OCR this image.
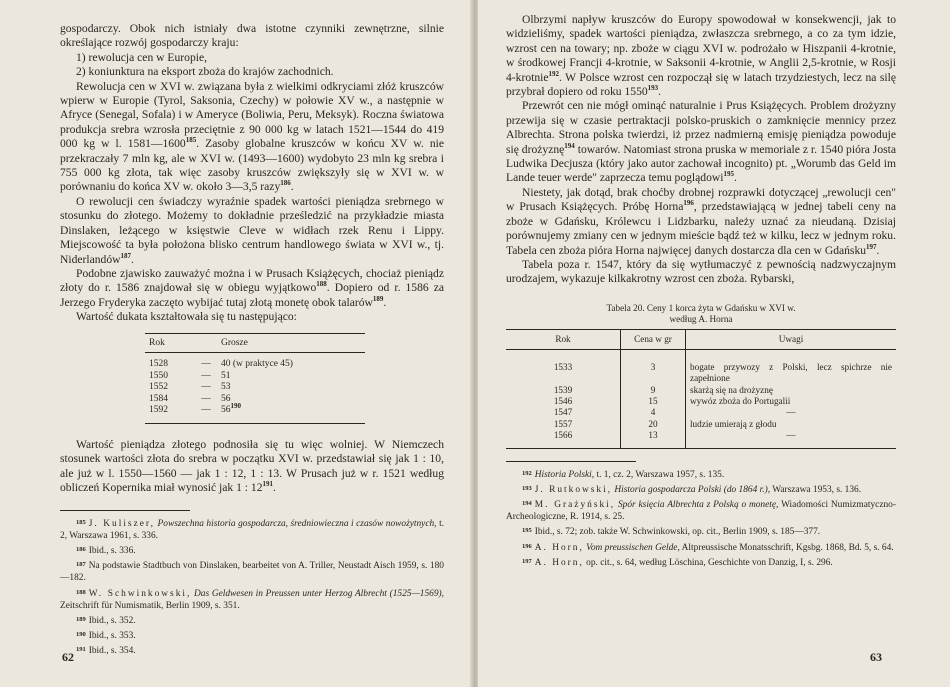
gospodarczy. Obok nich istniały dwa istotne czynniki zewnętrzne, silnie określające rozwój gospodarczy kraju:

1) rewolucja cen w Europie,

2) koniunktura na eksport zboża do krajów zachodnich.

Rewolucja cen w XVI w. związana była z wielkimi odkryciami złóż kruszców wpierw w Europie (Tyrol, Saksonia, Czechy) w połowie XV w., a następnie w Afryce (Senegal, Sofala) i w Ameryce (Boliwia, Peru, Meksyk). Roczna światowa produkcja srebra wzrosła przeciętnie z 90 000 kg w latach 1521—1544 do 419 000 kg w l. 1581—1600$^{185}$. Zasoby globalne kruszców w końcu XV w. nie przekraczały 7 mln kg, ale w XVI w. (1493—1600) wydobyto 23 mln kg srebra i 755 000 kg złota, tak więc zasoby kruszców zwiększyły się w XVI w. w porównaniu do końca XV w. około 3—3,5 razy$^{186}$.

O rewolucji cen świadczy wyraźnie spadek wartości pieniądza srebrnego w stosunku do złotego. Możemy to dokładnie prześledzić na przykładzie miasta Dinslaken, leżącego w księstwie Cleve w widłach rzek Renu i Lippy. Miejscowość ta była położona blisko centrum handlowego świata w XVI w., tj. Niderlandów$^{187}$.

Podobne zjawisko zauważyć można i w Prusach Książęcych, chociaż pieniądz złoty do r. 1586 znajdował się w obiegu wyjątkowo$^{188}$. Dopiero od r. 1586 za Jerzego Fryderyka zaczęto wybijać tutaj złotą monetę obok talarów$^{189}$.

Wartość dukata kształtowała się tu następująco:

Rok		Grosze
1528	—	40 (w praktyce 45)
1550	—	51
1552	—	53
1584	—	56
1592	—	$56^{190}$

Wartość pieniądza złotego podnosiła się tu więc wolniej. W Niemczech stosunek wartości złota do srebra w początku XVI w. przedstawiał się jak 1 : 10, ale już w l. 1550—1560 — jak 1 : 12, 1 : 13. W Prusach już w r. 1521 według obliczeń Kopernika miał wynosić jak 1 : $12^{191}$.

$^{185}$ J. Kuliszer, Powszechna historia gospodarcza, średniowieczna i czasów nowożytnych, t. 2, Warszawa 1961, s. 336.
$^{186}$ Ibid., s. 336.
$^{187}$ Na podstawie Stadtbuch von Dinslaken, bearbeitet von A. Triller, Neustadt Aisch 1959, s. 180—182.
$^{188}$ W. Schwinkowski, Das Geldwesen in Preussen unter Herzog Albrecht (1525—1569), Zeitschrift für Numismatik, Berlin 1909, s. 351.
$^{189}$ Ibid., s. 352.
$^{190}$ Ibid., s. 353.
$^{191}$ Ibid., s. 354.
62

Olbrzymi napływ kruszców do Europy spowodował w konsekwencji, jak to widzieliśmy, spadek wartości pieniądza, zwłaszcza srebrnego, a co za tym idzie, wzrost cen na towary; np. zboże w ciągu XVI w. podrożało w Hiszpanii 4-krotnie, w środkowej Francji 4-krotnie, w Saksonii 4-krotnie, w Anglii 2,5-krotnie, w Rosji 4-krotnie$^{192}$. W Polsce wzrost cen rozpoczął się w latach trzydziestych, lecz na silę przybrał dopiero od roku 1550$^{193}$.

Przewrót cen nie mógł ominąć naturalnie i Prus Książęcych. Problem drożyzny przewija się w czasie pertraktacji polsko-pruskich o zamknięcie mennicy przez Albrechta. Strona polska twierdzi, iż przez nadmierną emisję pieniądza powoduje się drożyznę$^{194}$ towarów. Natomiast strona pruska w memoriale z r. 1540 pióra Josta Ludwika Decjusza (który jako autor zachował incognito) pt. „Worumb das Geld im Lande teuer werde" zaprzecza temu poglądowi$^{195}$.

Niestety, jak dotąd, brak choćby drobnej rozprawki dotyczącej „rewolucji cen" w Prusach Książęcych. Próbę Horna$^{196}$, przedstawiającą w jednej tabeli ceny na zboże w Gdańsku, Królewcu i Lidzbarku, należy uznać za nieudaną. Dzisiaj porównujemy zmiany cen w jednym mieście bądź też w kilku, lecz w jednym roku. Tabela cen zboża pióra Horna najwięcej danych dostarcza dla cen w Gdańsku$^{197}$.

Tabela poza r. 1547, który da się wytłumaczyć z pewnością nadzwyczajnym urodzajem, wykazuje kilkakrotny wzrost cen zboża. Rybarski,

Tabela 20. Ceny 1 korca żyta w Gdańsku w XVI w.
według A. Horna
Rok	Cena w gr	Uwagi

1533	3	bogate przywozy z Polski, lecz spichrze nie zapełnione
1539	9	skarżą się na drożyznę
1546	15	wywóz zboża do Portugalii
1547	4	—
1557	20	ludzie umierają z głodu
1566	13	—

$^{192}$ Historia Polski, t. 1, cz. 2, Warszawa 1957, s. 135.
$^{193}$ J. Rutkowski, Historia gospodarcza Polski (do 1864 r.), Warszawa 1953, s. 136.
$^{194}$ M. Grażyński, Spór księcia Albrechta z Polską o monetę, Wiadomości Numizmatyczno-Archeologiczne, R. 1914, s. 25.
$^{195}$ Ibid., s. 72; zob. także W. Schwinkowski, op. cit., Berlin 1909, s. 185—377.
$^{196}$ A. Horn, Vom preussischen Gelde, Altpreussische Monatsschrift, Kgsbg. 1868, Bd. 5, s. 64.
$^{197}$ A. Horn, op. cit., s. 64, według Löschina, Geschichte von Danzig, I, s. 296.
63
